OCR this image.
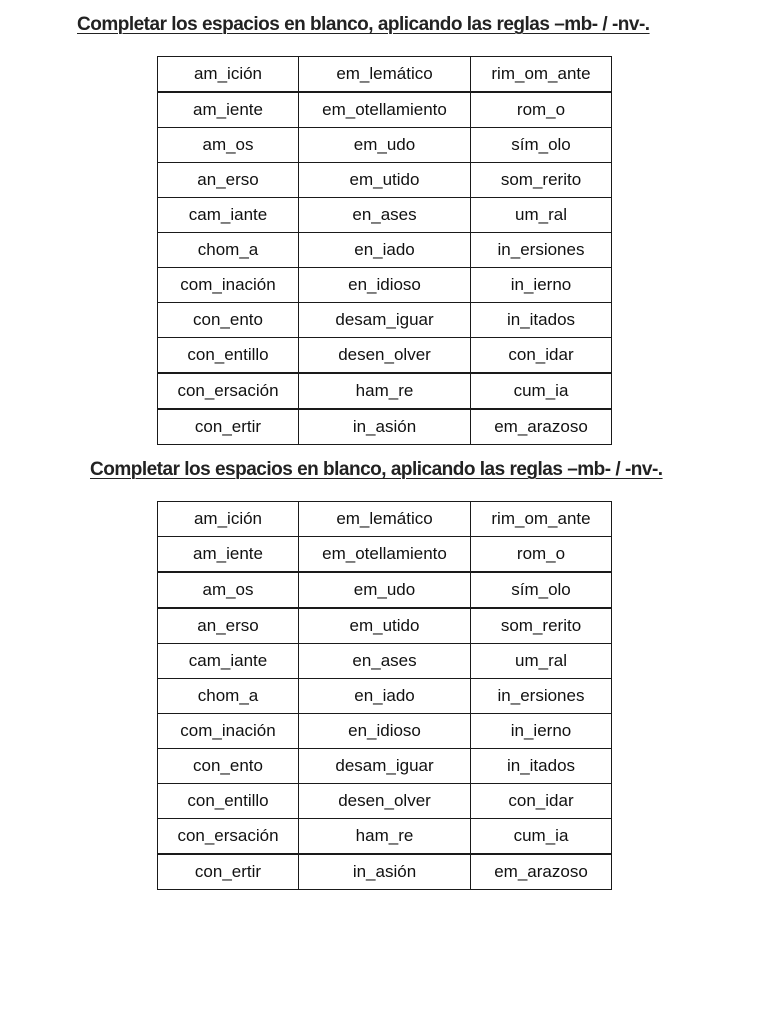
Completar los espacios en blanco, aplicando las reglas –mb- / -nv-.
am_ición	em_lemático	rim_om_ante
am_iente	em_otellamiento	rom_o
am_os	em_udo	sím_olo
an_erso	em_utido	som_rerito
cam_iante	en_ases	um_ral
chom_a	en_iado	in_ersiones
com_inación	en_idioso	in_ierno
con_ento	desam_iguar	in_itados
con_entillo	desen_olver	con_idar
con_ersación	ham_re	cum_ia
con_ertir	in_asión	em_arazoso
Completar los espacios en blanco, aplicando las reglas –mb- / -nv-.
am_ición	em_lemático	rim_om_ante
am_iente	em_otellamiento	rom_o
am_os	em_udo	sím_olo
an_erso	em_utido	som_rerito
cam_iante	en_ases	um_ral
chom_a	en_iado	in_ersiones
com_inación	en_idioso	in_ierno
con_ento	desam_iguar	in_itados
con_entillo	desen_olver	con_idar
con_ersación	ham_re	cum_ia
con_ertir	in_asión	em_arazoso
